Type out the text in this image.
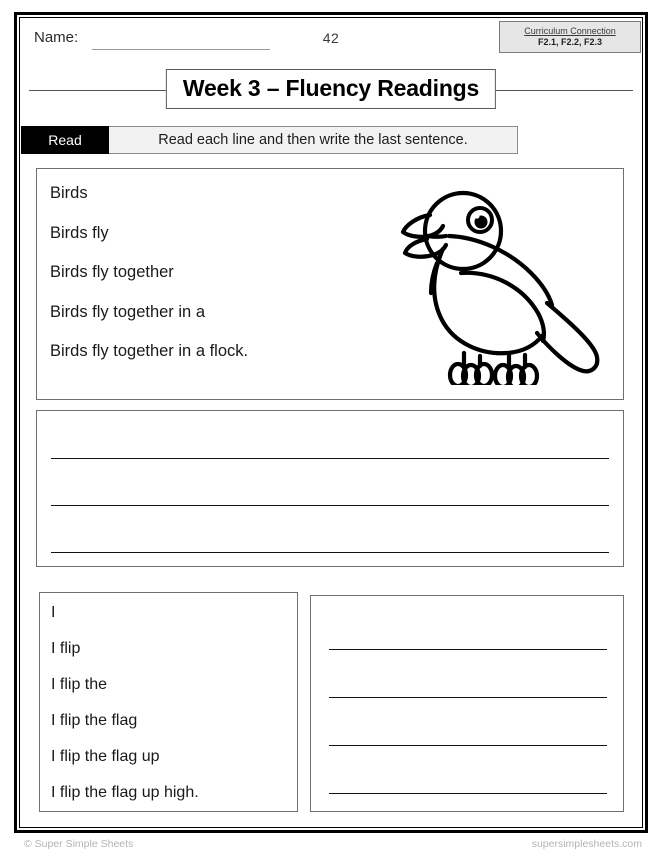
Name:	42	Curriculum Connection
F2.1, F2.2, F2.3
Week 3 – Fluency Readings
Read	Read each line and then write the last sentence.
Birds
Birds fly
Birds fly together
Birds fly together in a
Birds fly together in a flock.
I
I flip
I flip the
I flip the flag
I flip the flag up
I flip the flag up high.
© Super Simple Sheets	supersimplesheets.com
